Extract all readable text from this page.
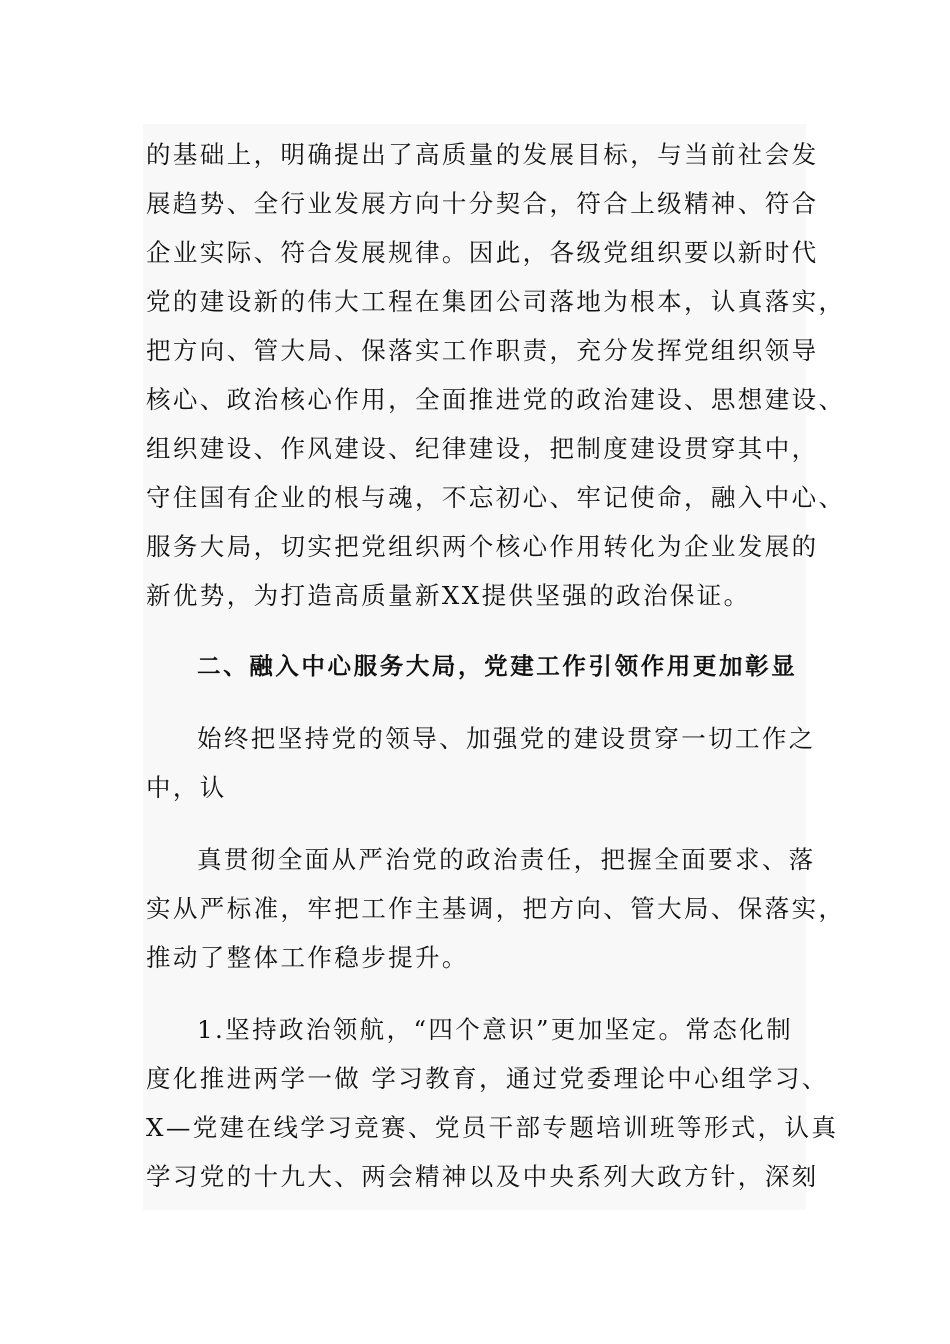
的基础上，明确提出了高质量的发展目标，与当前社会发
展趋势、全行业发展方向十分契合，符合上级精神、符合
企业实际、符合发展规律。因此，各级党组织要以新时代
党的建设新的伟大工程在集团公司落地为根本，认真落实，
把方向、管大局、保落实工作职责，充分发挥党组织领导
核心、政治核心作用，全面推进党的政治建设、思想建设、
组织建设、作风建设、纪律建设，把制度建设贯穿其中，
守住国有企业的根与魂，不忘初心、牢记使命，融入中心、
服务大局，切实把党组织两个核心作用转化为企业发展的
新优势，为打造高质量新XX提供坚强的政治保证。
二、融入中心服务大局，党建工作引领作用更加彰显
始终把坚持党的领导、加强党的建设贯穿一切工作之
中，认
真贯彻全面从严治党的政治责任，把握全面要求、落
实从严标准，牢把工作主基调，把方向、管大局、保落实，
推动了整体工作稳步提升。
1.坚持政治领航，“四个意识”更加坚定。常态化制
度化推进两学一做 学习教育，通过党委理论中心组学习、
X—党建在线学习竞赛、党员干部专题培训班等形式，认真
学习党的十九大、两会精神以及中央系列大政方针，深刻
